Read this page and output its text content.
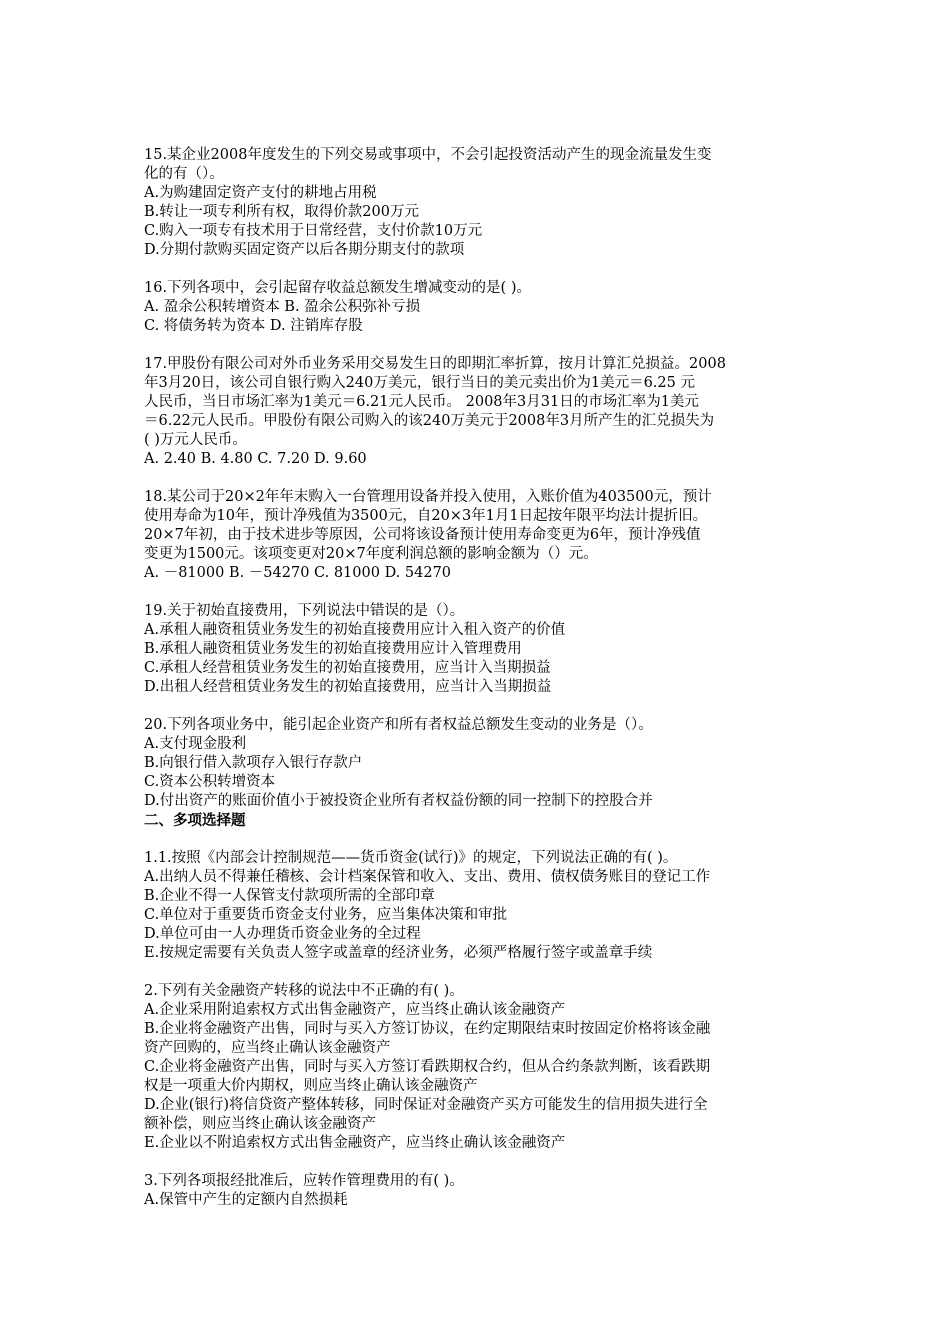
15.某企业2008年度发生的下列交易或事项中，不会引起投资活动产生的现金流量发生变
化的有（）。
A.为购建固定资产支付的耕地占用税
B.转让一项专利所有权，取得价款200万元
C.购入一项专有技术用于日常经营，支付价款10万元
D.分期付款购买固定资产以后各期分期支付的款项
16.下列各项中，会引起留存收益总额发生增减变动的是( )。
A. 盈余公积转增资本 B. 盈余公积弥补亏损
C. 将债务转为资本 D. 注销库存股
17.甲股份有限公司对外币业务采用交易发生日的即期汇率折算，按月计算汇兑损益。2008
年3月20日，该公司自银行购入240万美元，银行当日的美元卖出价为1美元＝6.25 元
人民币，当日市场汇率为1美元＝6.21元人民币。 2008年3月31日的市场汇率为1美元
＝6.22元人民币。甲股份有限公司购入的该240万美元于2008年3月所产生的汇兑损失为
( )万元人民币。
A. 2.40 B. 4.80 C. 7.20 D. 9.60
18.某公司于20×2年年末购入一台管理用设备并投入使用，入账价值为403500元，预计
使用寿命为10年，预计净残值为3500元，自20×3年1月1日起按年限平均法计提折旧。
20×7年初，由于技术进步等原因，公司将该设备预计使用寿命变更为6年，预计净残值
变更为1500元。该项变更对20×7年度利润总额的影响金额为（）元。
A. －81000 B. －54270 C. 81000 D. 54270
19.关于初始直接费用，下列说法中错误的是（）。
A.承租人融资租赁业务发生的初始直接费用应计入租入资产的价值
B.承租人融资租赁业务发生的初始直接费用应计入管理费用
C.承租人经营租赁业务发生的初始直接费用，应当计入当期损益
D.出租人经营租赁业务发生的初始直接费用，应当计入当期损益
20.下列各项业务中，能引起企业资产和所有者权益总额发生变动的业务是（）。
A.支付现金股利
B.向银行借入款项存入银行存款户
C.资本公积转增资本
D.付出资产的账面价值小于被投资企业所有者权益份额的同一控制下的控股合并
二、多项选择题
1.1.按照《内部会计控制规范——货币资金(试行)》的规定，下列说法正确的有( )。
A.出纳人员不得兼任稽核、会计档案保管和收入、支出、费用、债权债务账目的登记工作
B.企业不得一人保管支付款项所需的全部印章
C.单位对于重要货币资金支付业务，应当集体决策和审批
D.单位可由一人办理货币资金业务的全过程
E.按规定需要有关负责人签字或盖章的经济业务，必须严格履行签字或盖章手续
2.下列有关金融资产转移的说法中不正确的有( )。
A.企业采用附追索权方式出售金融资产，应当终止确认该金融资产
B.企业将金融资产出售，同时与买入方签订协议，在约定期限结束时按固定价格将该金融
资产回购的，应当终止确认该金融资产
C.企业将金融资产出售，同时与买入方签订看跌期权合约，但从合约条款判断，该看跌期
权是一项重大价内期权，则应当终止确认该金融资产
D.企业(银行)将信贷资产整体转移，同时保证对金融资产买方可能发生的信用损失进行全
额补偿，则应当终止确认该金融资产
E.企业以不附追索权方式出售金融资产，应当终止确认该金融资产
3.下列各项报经批准后，应转作管理费用的有( )。
A.保管中产生的定额内自然损耗
